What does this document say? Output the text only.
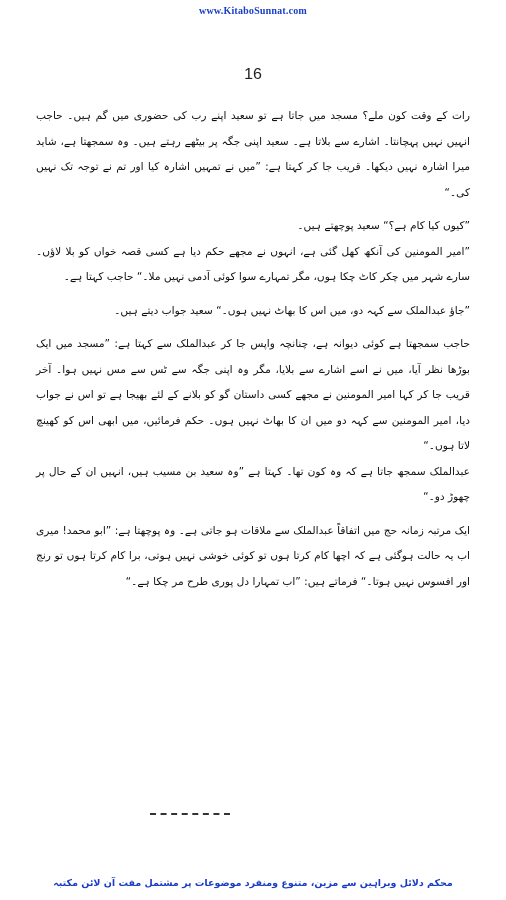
www.KitaboSunnat.com
16

رات کے وقت کون ملے؟ مسجد میں جاتا ہے تو سعید اپنے رب کی حضوری میں گم ہیں۔ حاجب انہیں نہیں پہچانتا۔ اشارے سے بلاتا ہے۔ سعید اپنی جگہ پر بیٹھے رہتے ہیں۔ وہ سمجھتا ہے، شاید میرا اشارہ نہیں دیکھا۔ قریب جا کر کہتا ہے: ”میں نے تمہیں اشارہ کیا اور تم نے توجہ تک نہیں کی۔“

”کیوں کیا کام ہے؟“ سعید پوچھتے ہیں۔

”امیر المومنین کی آنکھ کھل گئی ہے، انہوں نے مجھے حکم دیا ہے کسی قصہ خواں کو بلا لاؤں۔ سارے شہر میں چکر کاٹ چکا ہوں، مگر تمہارے سوا کوئی آدمی نہیں ملا۔“ حاجب کہتا ہے۔

”جاؤ عبدالملک سے کہہ دو، میں اس کا بھاٹ نہیں ہوں۔“ سعید جواب دیتے ہیں۔

حاجب سمجھتا ہے کوئی دیوانہ ہے، چنانچہ واپس جا کر عبدالملک سے کہتا ہے: ”مسجد میں ایک بوڑھا نظر آیا، میں نے اسے اشارے سے بلایا، مگر وہ اپنی جگہ سے ٹس سے مس نہیں ہوا۔ آخر قریب جا کر کہا امیر المومنین نے مجھے کسی داستان گو کو بلانے کے لئے بھیجا ہے تو اس نے جواب دیا، امیر المومنین سے کہہ دو میں ان کا بھاٹ نہیں ہوں۔ حکم فرمائیں، میں ابھی اس کو کھینچ لاتا ہوں۔“

عبدالملک سمجھ جاتا ہے کہ وہ کون تھا۔ کہتا ہے ”وہ سعید بن مسیب ہیں، انہیں ان کے حال پر چھوڑ دو۔“

ایک مرتبہ زمانہ حج میں اتفاقاً عبدالملک سے ملاقات ہو جاتی ہے۔ وہ پوچھتا ہے: ”ابو محمد! میری اب یہ حالت ہوگئی ہے کہ اچھا کام کرتا ہوں تو کوئی خوشی نہیں ہوتی، برا کام کرتا ہوں تو رنج اور افسوس نہیں ہوتا۔“ فرماتے ہیں: ”اب تمہارا دل پوری طرح مر چکا ہے۔“

محکم دلائل وبراہین سے مزین، متنوع ومنفرد موضوعات پر مشتمل مفت آن لائن مکتبہ
